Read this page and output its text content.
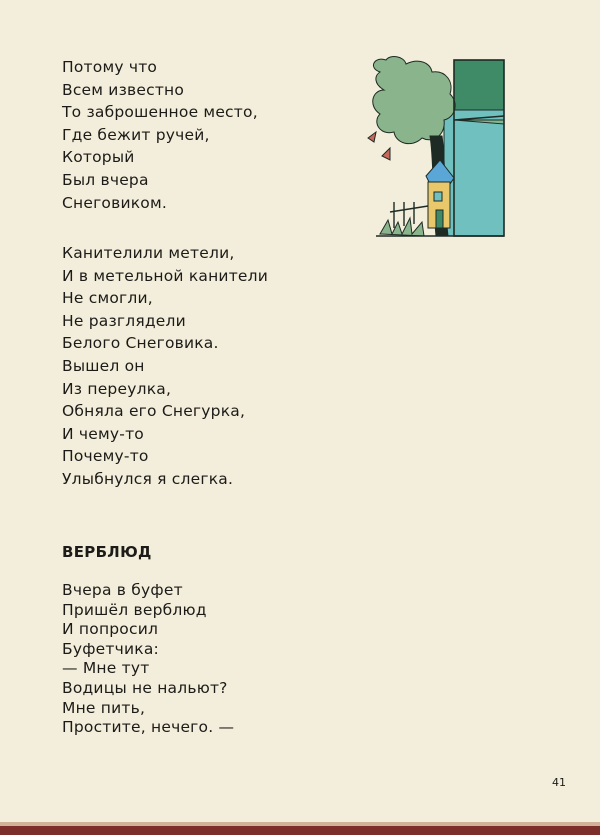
Потому что
Всем известно
То заброшенное место,
Где бежит ручей,
Который
Был вчера
Снеговиком.
Канителили метели,
И в метельной канители
Не смогли,
Не разглядели
Белого Снеговика.
Вышел он
Из переулка,
Обняла его Снегурка,
И чему-то
Почему-то
Улыбнулся я слегка.
ВЕРБЛЮД
Вчера в буфет
Пришёл верблюд
И попросил
Буфетчика:
— Мне тут
Водицы не нальют?
Мне пить,
Простите, нечего. —
41
